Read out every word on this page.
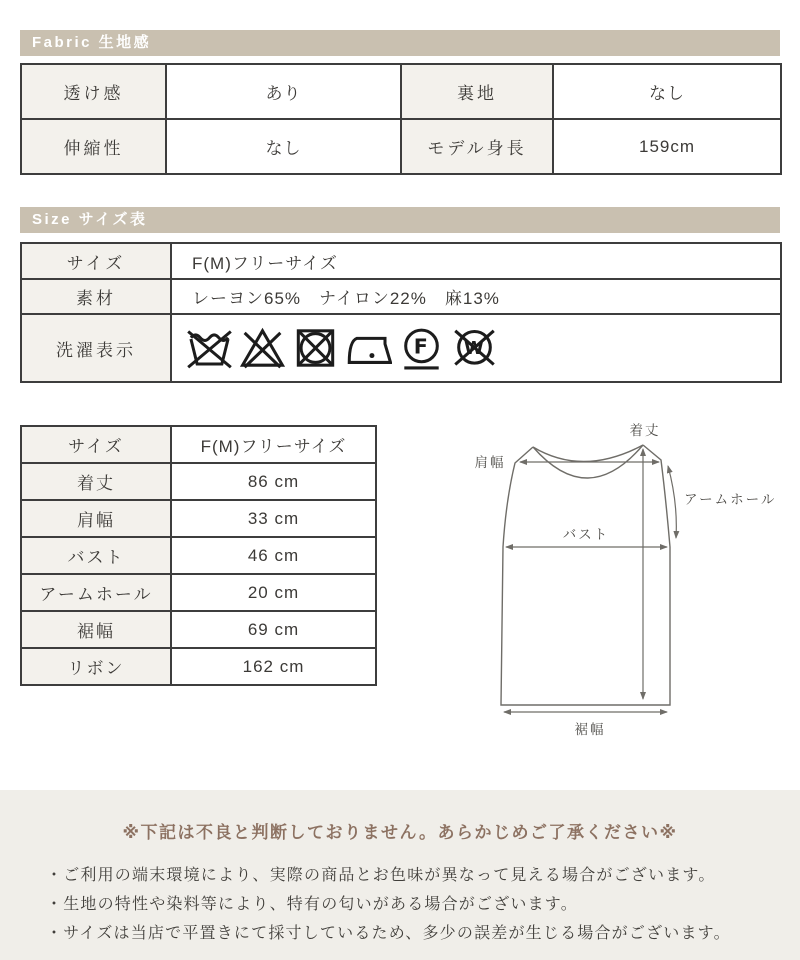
Fabric 生地感
透け感	あり	裏地	なし
伸縮性	なし	モデル身長	159cm
Size サイズ表
サイズ	F(M)フリーサイズ
素材	レーヨン65%　ナイロン22%　麻13%
洗濯表示	F W
サイズ	F(M)フリーサイズ
着丈	86 cm
肩幅	33 cm
バスト	46 cm
アームホール	20 cm
裾幅	69 cm
リボン	162 cm
着丈
肩幅
アームホール
バスト
裾幅
※下記は不良と判断しておりません。あらかじめご了承ください※
・ご利用の端末環境により、実際の商品とお色味が異なって見える場合がございます。
・生地の特性や染料等により、特有の匂いがある場合がございます。
・サイズは当店で平置きにて採寸しているため、多少の誤差が生じる場合がございます。
